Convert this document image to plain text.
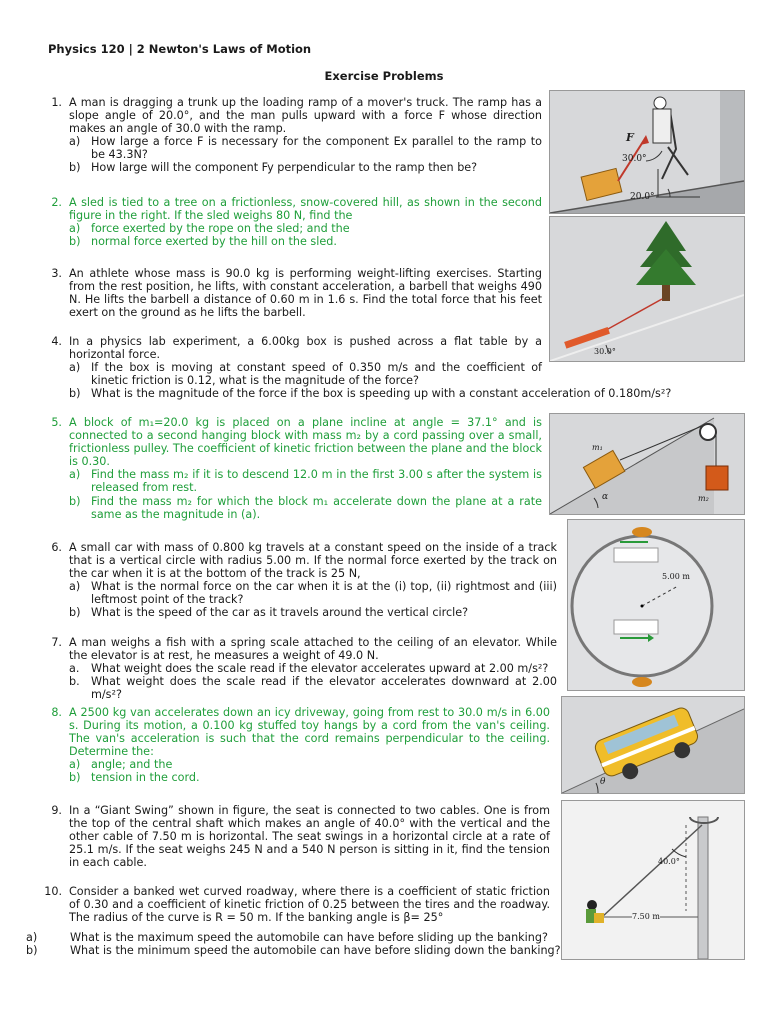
Physics 120 | 2 Newton's Laws of Motion
Exercise Problems
1. A man is dragging a trunk up the loading ramp of a mover's truck. The ramp has a slope angle of 20.0°, and the man pulls upward with a force F whose direction makes an angle of 30.0 with the ramp.
a) How large a force F is necessary for the component Ex parallel to the ramp to be 43.3N?
b) How large will the component Fy perpendicular to the ramp then be?
2. A sled is tied to a tree on a frictionless, snow-covered hill, as shown in the second figure in the right. If the sled weighs 80 N, find the
a) force exerted by the rope on the sled; and the
b) normal force exerted by the hill on the sled.
3. An athlete whose mass is 90.0 kg is performing weight-lifting exercises. Starting from the rest position, he lifts, with constant acceleration, a barbell that weighs 490 N. He lifts the barbell a distance of 0.60 m in 1.6 s. Find the total force that his feet exert on the ground as he lifts the barbell.
4. In a physics lab experiment, a 6.00kg box is pushed across a flat table by a horizontal force.
a) If the box is moving at constant speed of 0.350 m/s and the coefficient of kinetic friction is 0.12, what is the magnitude of the force?
b) What is the magnitude of the force if the box is speeding up with a constant acceleration of 0.180m/s²?
5. A block of m₁=20.0 kg is placed on a plane incline at angle = 37.1° and is connected to a second hanging block with mass m₂ by a cord passing over a small, frictionless pulley. The coefficient of kinetic friction between the plane and the block is 0.30.
a) Find the mass m₂ if it is to descend 12.0 m in the first 3.00 s after the system is released from rest.
b) Find the mass m₂ for which the block m₁ accelerate down the plane at a rate same as the magnitude in (a).
6. A small car with mass of 0.800 kg travels at a constant speed on the inside of a track that is a vertical circle with radius 5.00 m. If the normal force exerted by the track on the car when it is at the bottom of the track is 25 N,
a) What is the normal force on the car when it is at the (i) top, (ii) rightmost and (iii) leftmost point of the track?
b) What is the speed of the car as it travels around the vertical circle?
7. A man weighs a fish with a spring scale attached to the ceiling of an elevator. While the elevator is at rest, he measures a weight of 49.0 N.
a.	What weight does the scale read if the elevator accelerates upward at 2.00 m/s²?
b.	What weight does the scale read if the elevator accelerates downward at 2.00 m/s²?
8. A 2500 kg van accelerates down an icy driveway, going from rest to 30.0 m/s in 6.00 s. During its motion, a 0.100 kg stuffed toy hangs by a cord from the van's ceiling. The van's acceleration is such that the cord remains perpendicular to the ceiling. Determine the:
a) angle; and the
b) tension in the cord.
9. In a “Giant Swing” shown in figure, the seat is connected to two cables. One is from the top of the central shaft which makes an angle of 40.0° with the vertical and the other cable of 7.50 m is horizontal. The seat swings in a horizontal circle at a rate of 25.1 m/s. If the seat weighs 245 N and a 540 N person is sitting in it, find the tension in each cable.
10. Consider a banked wet curved roadway, where there is a coefficient of static friction of 0.30 and a coefficient of kinetic friction of 0.25 between the tires and the roadway. The radius of the curve is R = 50 m. If the banking angle is β= 25°
a)	What is the maximum speed the automobile can have before sliding up the banking?
b)	What is the minimum speed the automobile can have before sliding down the banking?
F
30.0°
20.0°
30.0°
m₁
m₂
α
5.00 m
θ
40.0°
7.50 m
